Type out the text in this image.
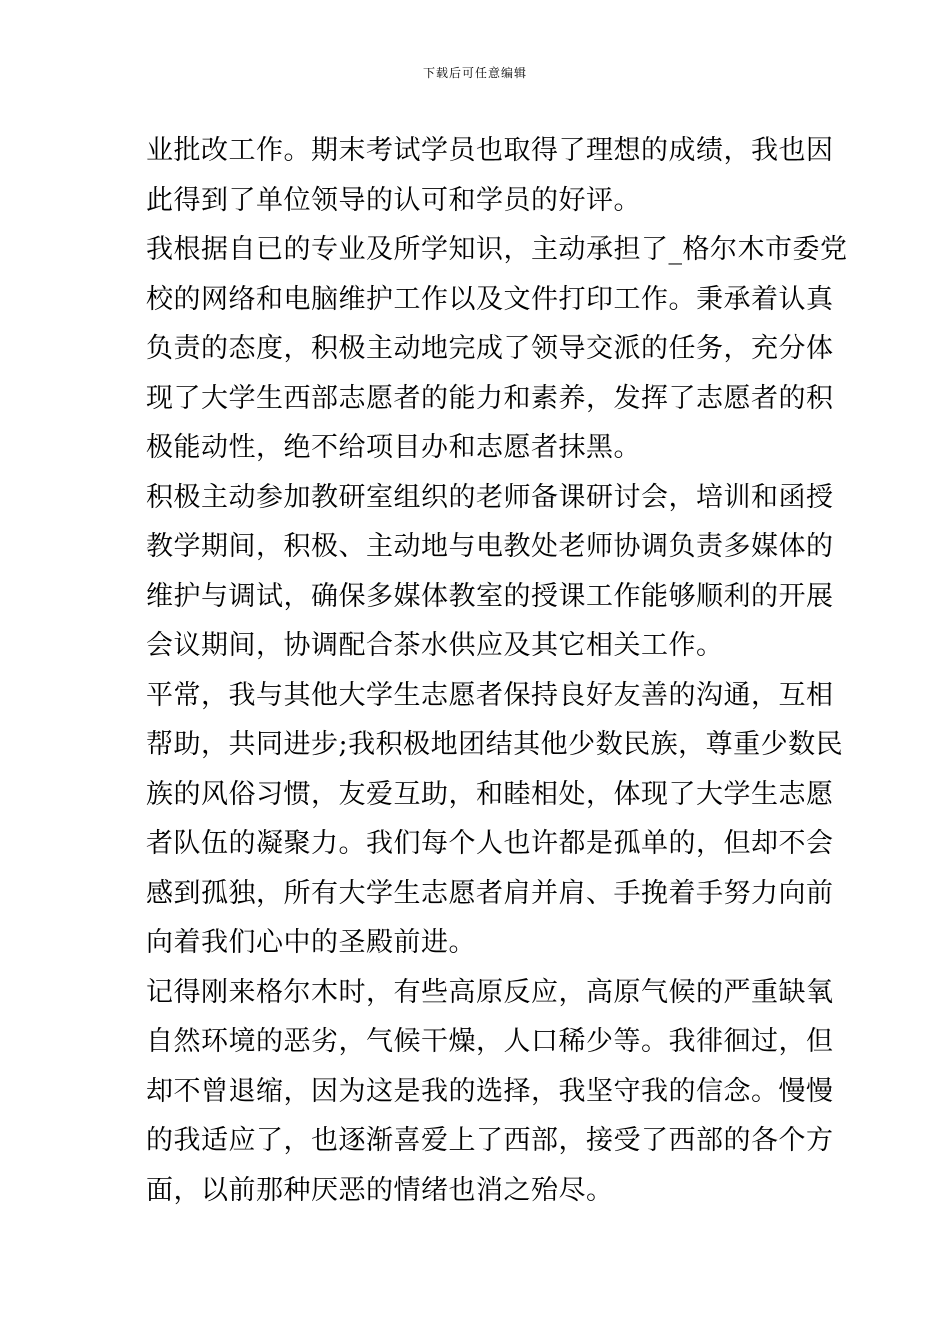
下载后可任意编辑
业批改工作。期末考试学员也取得了理想的成绩，我也因
此得到了单位领导的认可和学员的好评。
我根据自已的专业及所学知识，主动承担了_格尔木市委党
校的网络和电脑维护工作以及文件打印工作。秉承着认真
负责的态度，积极主动地完成了领导交派的任务，充分体
现了大学生西部志愿者的能力和素养，发挥了志愿者的积
极能动性，绝不给项目办和志愿者抹黑。
积极主动参加教研室组织的老师备课研讨会，培训和函授
教学期间，积极、主动地与电教处老师协调负责多媒体的
维护与调试，确保多媒体教室的授课工作能够顺利的开展
会议期间，协调配合茶水供应及其它相关工作。
平常，我与其他大学生志愿者保持良好友善的沟通，互相
帮助，共同进步;我积极地团结其他少数民族，尊重少数民
族的风俗习惯，友爱互助，和睦相处，体现了大学生志愿
者队伍的凝聚力。我们每个人也许都是孤单的，但却不会
感到孤独，所有大学生志愿者肩并肩、手挽着手努力向前
向着我们心中的圣殿前进。
记得刚来格尔木时，有些高原反应，高原气候的严重缺氧
自然环境的恶劣，气候干燥，人口稀少等。我徘徊过，但
却不曾退缩，因为这是我的选择，我坚守我的信念。慢慢
的我适应了，也逐渐喜爱上了西部，接受了西部的各个方
面，以前那种厌恶的情绪也消之殆尽。
